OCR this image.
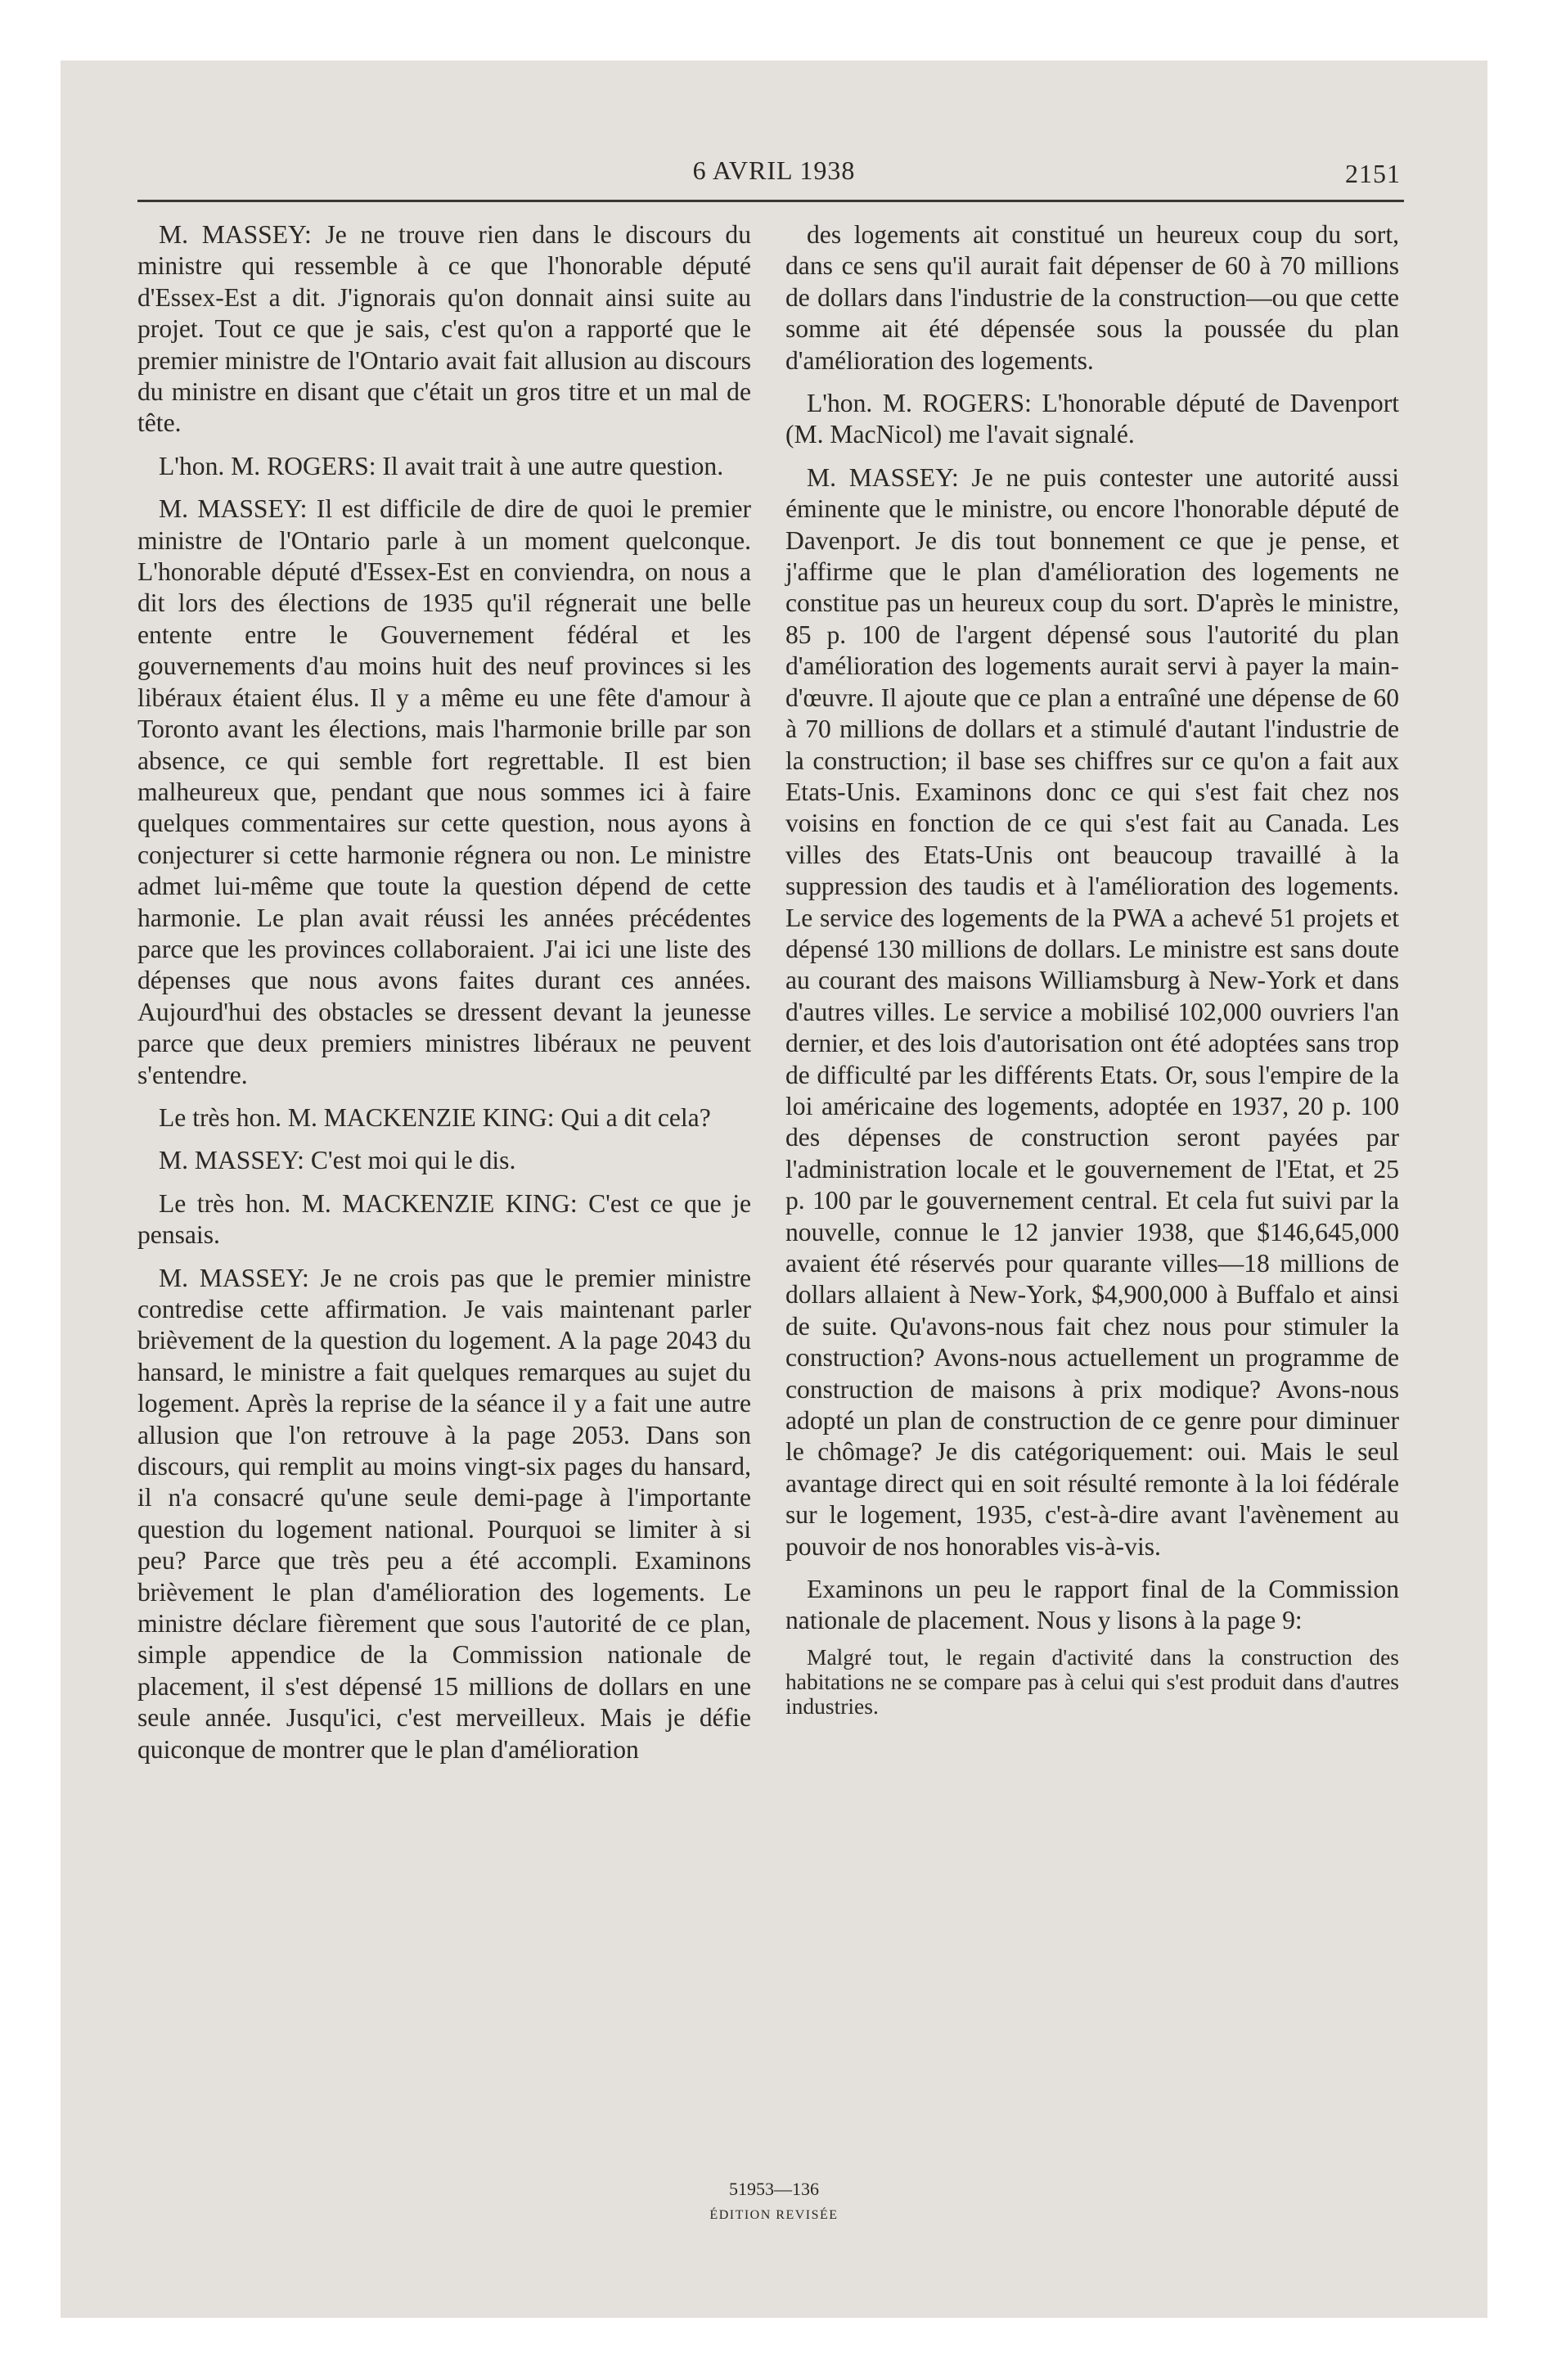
6 AVRIL 1938	2151

M. MASSEY: Je ne trouve rien dans le discours du ministre qui ressemble à ce que l'honorable député d'Essex-Est a dit. J'ignorais qu'on donnait ainsi suite au projet. Tout ce que je sais, c'est qu'on a rapporté que le premier ministre de l'Ontario avait fait allusion au discours du ministre en disant que c'était un gros titre et un mal de tête.

L'hon. M. ROGERS: Il avait trait à une autre question.

M. MASSEY: Il est difficile de dire de quoi le premier ministre de l'Ontario parle à un moment quelconque. L'honorable député d'Essex-Est en conviendra, on nous a dit lors des élections de 1935 qu'il régnerait une belle entente entre le Gouvernement fédéral et les gouvernements d'au moins huit des neuf provinces si les libéraux étaient élus. Il y a même eu une fête d'amour à Toronto avant les élections, mais l'harmonie brille par son absence, ce qui semble fort regrettable. Il est bien malheureux que, pendant que nous sommes ici à faire quelques commentaires sur cette question, nous ayons à conjecturer si cette harmonie régnera ou non. Le ministre admet lui-même que toute la question dépend de cette harmonie. Le plan avait réussi les années précédentes parce que les provinces collaboraient. J'ai ici une liste des dépenses que nous avons faites durant ces années. Aujourd'hui des obstacles se dressent devant la jeunesse parce que deux premiers ministres libéraux ne peuvent s'entendre.

Le très hon. M. MACKENZIE KING: Qui a dit cela?

M. MASSEY: C'est moi qui le dis.

Le très hon. M. MACKENZIE KING: C'est ce que je pensais.

M. MASSEY: Je ne crois pas que le premier ministre contredise cette affirmation. Je vais maintenant parler brièvement de la question du logement. A la page 2043 du hansard, le ministre a fait quelques remarques au sujet du logement. Après la reprise de la séance il y a fait une autre allusion que l'on retrouve à la page 2053. Dans son discours, qui remplit au moins vingt-six pages du hansard, il n'a consacré qu'une seule demi-page à l'importante question du logement national. Pourquoi se limiter à si peu? Parce que très peu a été accompli. Examinons brièvement le plan d'amélioration des logements. Le ministre déclare fièrement que sous l'autorité de ce plan, simple appendice de la Commission nationale de placement, il s'est dépensé 15 millions de dollars en une seule année. Jusqu'ici, c'est merveilleux. Mais je défie quiconque de montrer que le plan d'amélioration

des logements ait constitué un heureux coup du sort, dans ce sens qu'il aurait fait dépenser de 60 à 70 millions de dollars dans l'industrie de la construction—ou que cette somme ait été dépensée sous la poussée du plan d'amélioration des logements.

L'hon. M. ROGERS: L'honorable député de Davenport (M. MacNicol) me l'avait signalé.

M. MASSEY: Je ne puis contester une autorité aussi éminente que le ministre, ou encore l'honorable député de Davenport. Je dis tout bonnement ce que je pense, et j'affirme que le plan d'amélioration des logements ne constitue pas un heureux coup du sort. D'après le ministre, 85 p. 100 de l'argent dépensé sous l'autorité du plan d'amélioration des logements aurait servi à payer la main-d'œuvre. Il ajoute que ce plan a entraîné une dépense de 60 à 70 millions de dollars et a stimulé d'autant l'industrie de la construction; il base ses chiffres sur ce qu'on a fait aux Etats-Unis. Examinons donc ce qui s'est fait chez nos voisins en fonction de ce qui s'est fait au Canada. Les villes des Etats-Unis ont beaucoup travaillé à la suppression des taudis et à l'amélioration des logements. Le service des logements de la PWA a achevé 51 projets et dépensé 130 millions de dollars. Le ministre est sans doute au courant des maisons Williamsburg à New-York et dans d'autres villes. Le service a mobilisé 102,000 ouvriers l'an dernier, et des lois d'autorisation ont été adoptées sans trop de difficulté par les différents Etats. Or, sous l'empire de la loi américaine des logements, adoptée en 1937, 20 p. 100 des dépenses de construction seront payées par l'administration locale et le gouvernement de l'Etat, et 25 p. 100 par le gouvernement central. Et cela fut suivi par la nouvelle, connue le 12 janvier 1938, que $146,645,000 avaient été réservés pour quarante villes—18 millions de dollars allaient à New-York, $4,900,000 à Buffalo et ainsi de suite. Qu'avons-nous fait chez nous pour stimuler la construction? Avons-nous actuellement un programme de construction de maisons à prix modique? Avons-nous adopté un plan de construction de ce genre pour diminuer le chômage? Je dis catégoriquement: oui. Mais le seul avantage direct qui en soit résulté remonte à la loi fédérale sur le logement, 1935, c'est-à-dire avant l'avènement au pouvoir de nos honorables vis-à-vis.

Examinons un peu le rapport final de la Commission nationale de placement. Nous y lisons à la page 9:

Malgré tout, le regain d'activité dans la construction des habitations ne se compare pas à celui qui s'est produit dans d'autres industries.

51953—136
ÉDITION REVISÉE
